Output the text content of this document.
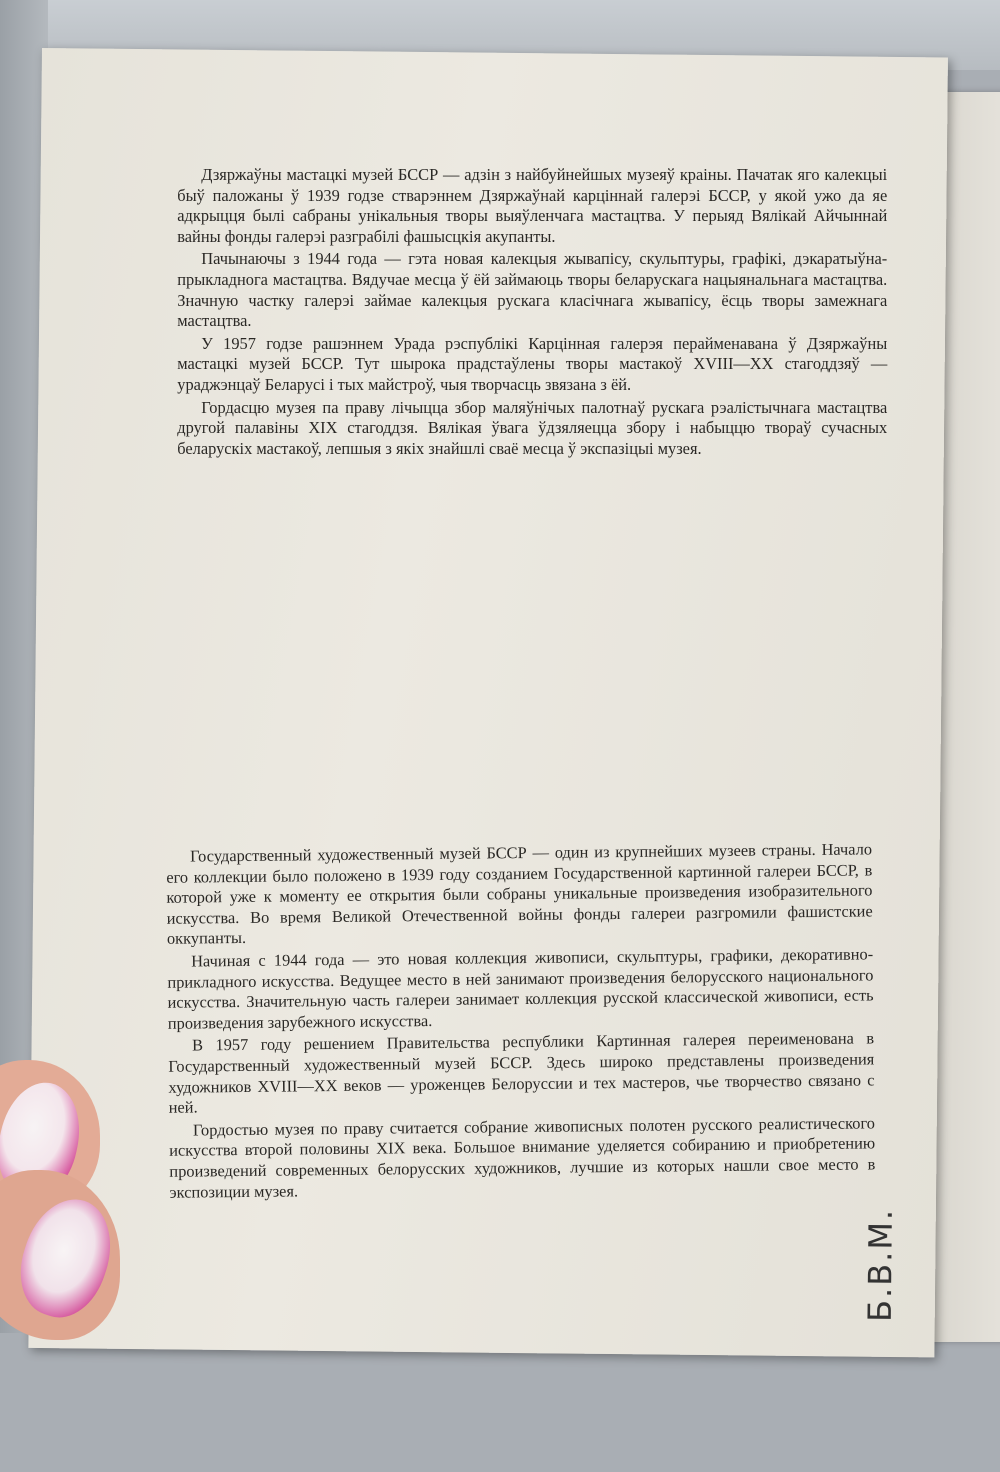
Дзяржаўны мастацкі музей БССР — адзін з найбуйнейшых музеяў краіны. Пачатак яго калекцыі быў паложаны ў 1939 годзе стварэннем Дзяржаўнай карціннай галерэі БССР, у якой ужо да яе адкрыцця былі сабраны унікальныя творы выяўленчага мастацтва. У перыяд Вялікай Айчыннай вайны фонды галерэі разграбілі фашысцкія акупанты.

Пачынаючы з 1944 года — гэта новая калекцыя жывапісу, скульптуры, графікі, дэкаратыўна-прыкладнога мастацтва. Вядучае месца ў ёй займаюць творы беларускага нацыянальнага мастацтва. Значную частку галерэі займае калекцыя рускага класічнага жывапісу, ёсць творы замежнага мастацтва.

У 1957 годзе рашэннем Урада рэспублікі Карцінная галерэя перайменавана ў Дзяржаўны мастацкі музей БССР. Тут шырока прадстаўлены творы мастакоў XVIII—XX стагоддзяў — ураджэнцаў Беларусі і тых майстроў, чыя творчасць звязана з ёй.

Гордасцю музея па праву лічыцца збор маляўнічых палотнаў рускага рэалістычнага мастацтва другой палавіны XIX стагоддзя. Вялікая ўвага ўдзяляецца збору і набыццю твораў сучасных беларускіх мастакоў, лепшыя з якіх знайшлі сваё месца ў экспазіцыі музея.

Государственный художественный музей БССР — один из крупнейших музеев страны. Начало его коллекции было положено в 1939 году созданием Государственной картинной галереи БССР, в которой уже к моменту ее открытия были собраны уникальные произведения изобразительного искусства. Во время Великой Отечественной войны фонды галереи разгромили фашистские оккупанты.

Начиная с 1944 года — это новая коллекция живописи, скульптуры, графики, декоративно-прикладного искусства. Ведущее место в ней занимают произведения белорусского национального искусства. Значительную часть галереи занимает коллекция русской классической живописи, есть произведения зарубежного искусства.

В 1957 году решением Правительства республики Картинная галерея переименована в Государственный художественный музей БССР. Здесь широко представлены произведения художников XVIII—XX веков — уроженцев Белоруссии и тех мастеров, чье творчество связано с ней.

Гордостью музея по праву считается собрание живописных полотен русского реалистического искусства второй половины XIX века. Большое внимание уделяется собиранию и приобретению произведений современных белорусских художников, лучшие из которых нашли свое место в экспозиции музея.

Б.В.М.
